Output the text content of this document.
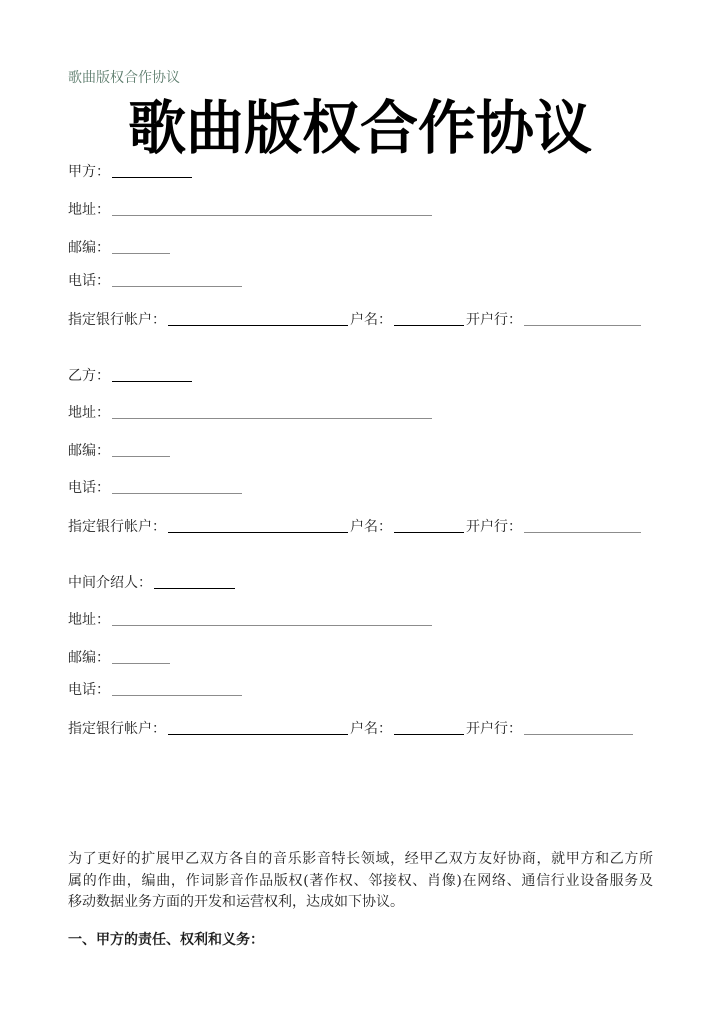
歌曲版权合作协议
歌曲版权合作协议
甲方：
地址：
邮编：
电话：
指定银行帐户：	户名：	开户行：
乙方：
地址：
邮编：
电话：
指定银行帐户：	户名：	开户行：
中间介绍人：
地址：
邮编：
电话：
指定银行帐户：	户名：	开户行：
为了更好的扩展甲乙双方各自的音乐影音特长领域，经甲乙双方友好协商，就甲方和乙方所
属的作曲，编曲，作词影音作品版权(著作权、邻接权、肖像)在网络、通信行业设备服务及
移动数据业务方面的开发和运营权利，达成如下协议。
一、甲方的责任、权利和义务：
